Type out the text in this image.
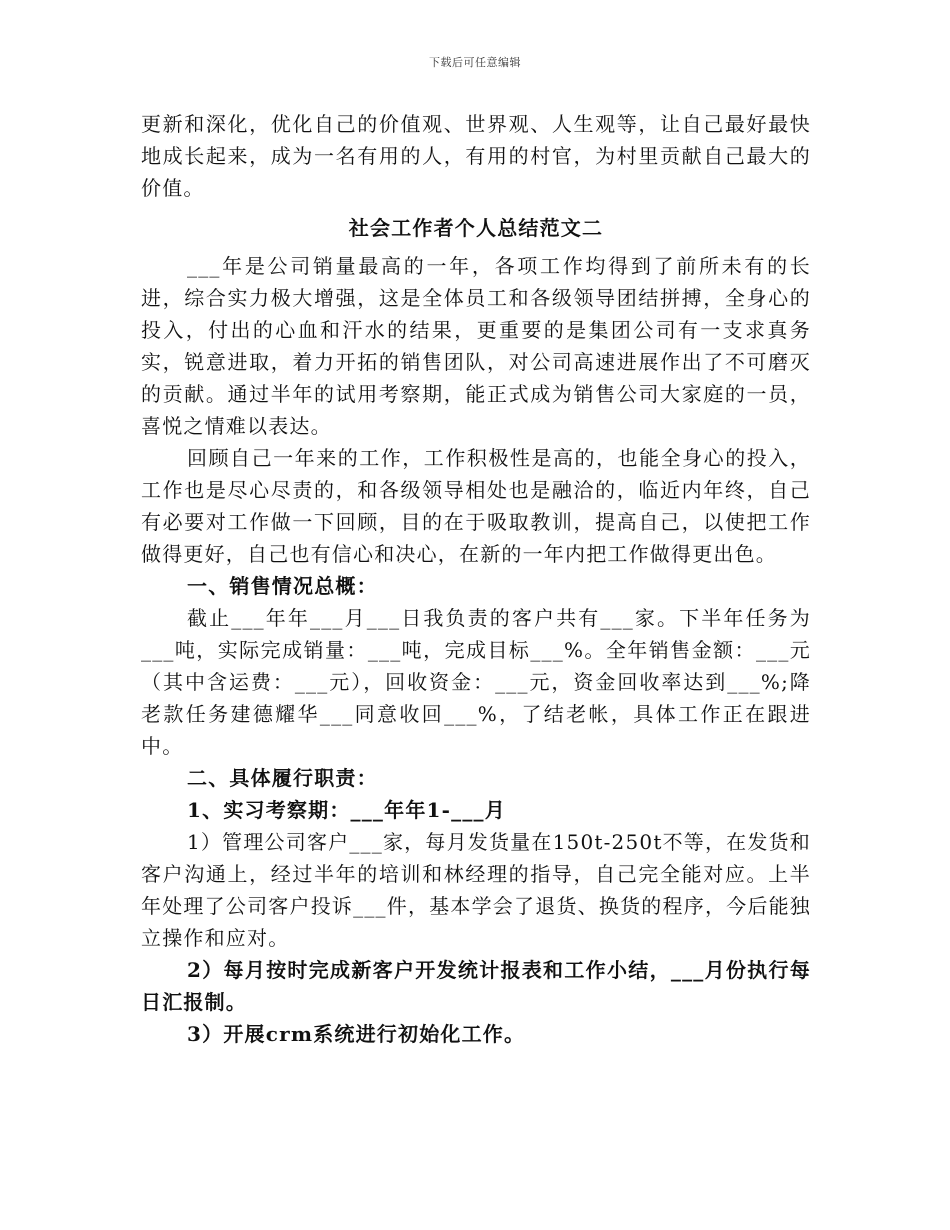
下载后可任意编辑

更新和深化，优化自己的价值观、世界观、人生观等，让自己最好最快地成长起来，成为一名有用的人，有用的村官，为村里贡献自己最大的价值。

社会工作者个人总结范文二

___年是公司销量最高的一年，各项工作均得到了前所未有的长进，综合实力极大增强，这是全体员工和各级领导团结拼搏，全身心的投入，付出的心血和汗水的结果，更重要的是集团公司有一支求真务实，锐意进取，着力开拓的销售团队，对公司高速进展作出了不可磨灭的贡献。通过半年的试用考察期，能正式成为销售公司大家庭的一员，喜悦之情难以表达。

回顾自己一年来的工作，工作积极性是高的，也能全身心的投入，工作也是尽心尽责的，和各级领导相处也是融洽的，临近内年终，自己有必要对工作做一下回顾，目的在于吸取教训，提高自己，以使把工作做得更好，自己也有信心和决心，在新的一年内把工作做得更出色。

一、销售情况总概：

截止___年年___月___日我负责的客户共有___家。下半年任务为___吨，实际完成销量：___吨，完成目标___%。全年销售金额：___元（其中含运费：___元），回收资金：___元，资金回收率达到___%;降老款任务建德耀华___同意收回___%，了结老帐，具体工作正在跟进中。

二、具体履行职责：

1、实习考察期：___年年1-___月

1）管理公司客户___家，每月发货量在150t-250t不等，在发货和客户沟通上，经过半年的培训和林经理的指导，自己完全能对应。上半年处理了公司客户投诉___件，基本学会了退货、换货的程序，今后能独立操作和应对。

2）每月按时完成新客户开发统计报表和工作小结，___月份执行每日汇报制。

3）开展crm系统进行初始化工作。
